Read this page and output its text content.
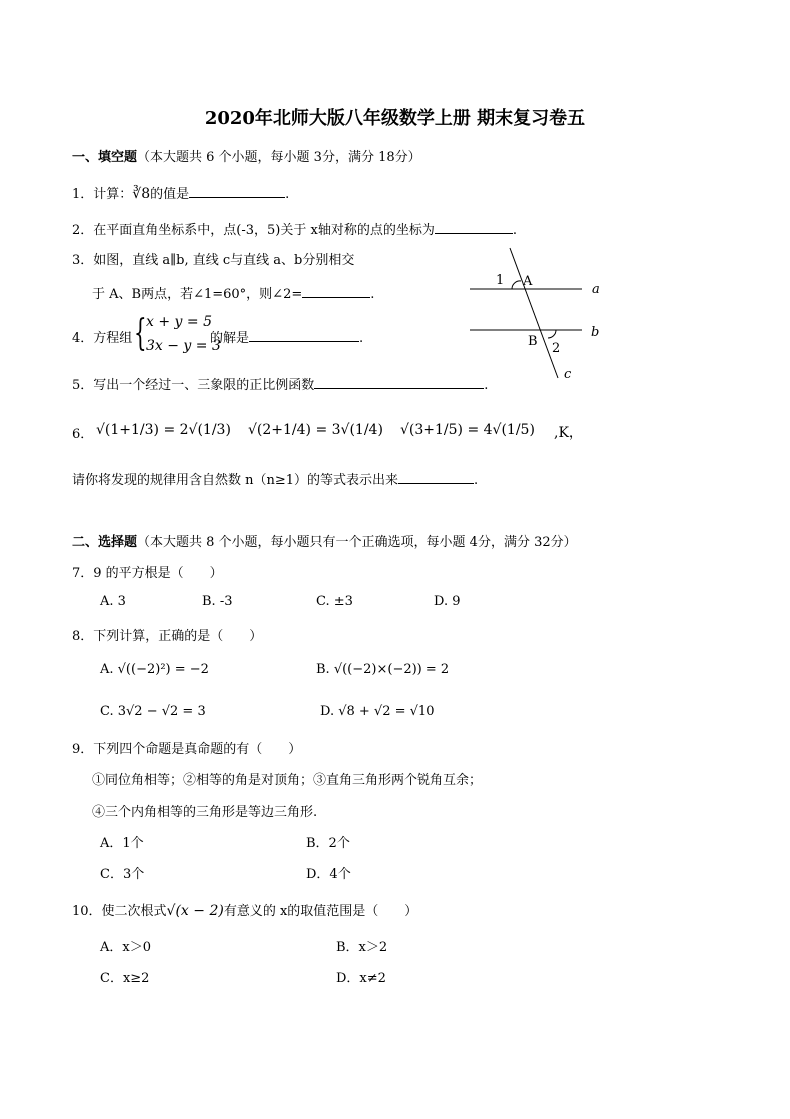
2020年北师大版八年级数学上册 期末复习卷五
一、填空题（本大题共 6 个小题，每小题 3分，满分 18分）
1．计算：∛8的值是	.
2．在平面直角坐标系中，点(-3，5)关于 x轴对称的点的坐标为	.
3．如图，直线 a∥b, 直线 c与直线 a、b分别相交
于 A、B两点，若∠1=60°，则∠2=	.
1 A
a
B 2
b
c
4．方程组 { x + y = 5
3x − y = 3
的解是	.
5．写出一个经过一、三象限的正比例函数	.
6． √(1+1/3) = 2√(1/3) √(2+1/4) = 3√(1/4) √(3+1/5) = 4√(1/5) ,K，
请你将发现的规律用含自然数 n（n≥1）的等式表示出来	.
二、选择题（本大题共 8 个小题，每小题只有一个正确选项，每小题 4分，满分 32分）
7．9 的平方根是（　　）
A. 3	B. -3	C. ±3	D. 9
8．下列计算，正确的是（　　）
A. √((−2)²) = −2	B. √((−2)×(−2)) = 2
C. 3√2 − √2 = 3	D. √8 + √2 = √10
9．下列四个命题是真命题的有（　　）
①同位角相等；②相等的角是对顶角；③直角三角形两个锐角互余；
④三个内角相等的三角形是等边三角形.
A．1个	B．2个
C．3个	D．4个
10．使二次根式√(x − 2)有意义的 x的取值范围是（　　）
A．x＞0	B．x＞2
C．x≥2	D．x≠2
